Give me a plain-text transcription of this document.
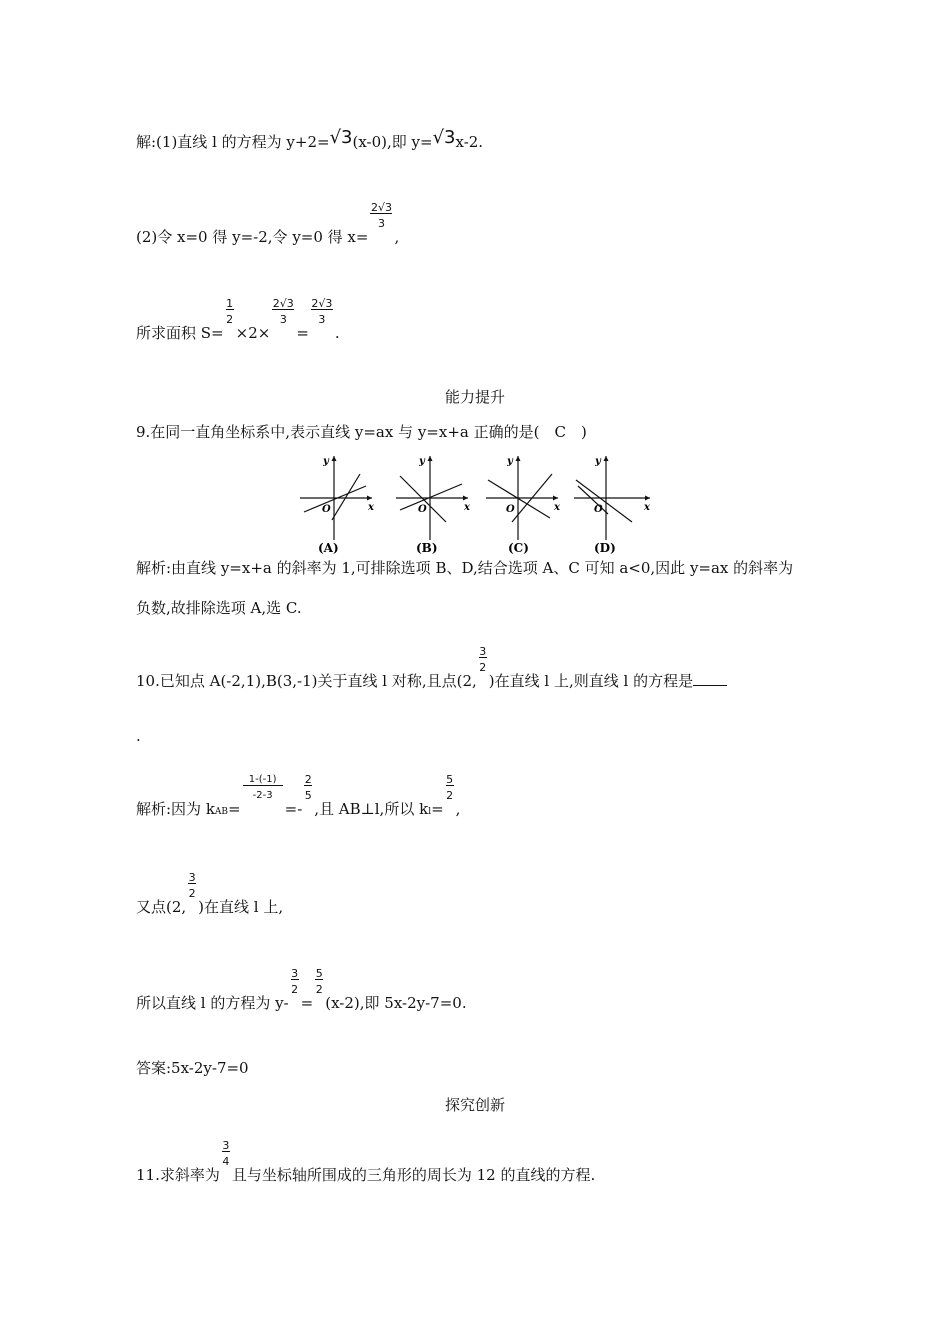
解:(1)直线 l 的方程为 y+2=√3(x-0),即 y=√3x-2.
(2)令 x=0 得 y=-2,令 y=0 得 $x= \frac{2√3}{3}$ ,
所求面积 $S= \frac{1}{2} \times 2\times \frac{2√3}{3} = \frac{2√3}{3}$ .
能力提升
9.在同一直角坐标系中,表示直线 y=ax 与 y=x+a 正确的是(　C　)
O	x
y
(A)
O	x
y
(B)
O	x
y
(C)
O	x
y
(D)
解析:由直线 y=x+a 的斜率为 1,可排除选项 B、D,结合选项 A、C 可知 a<0,因此 y=ax 的斜率为
负数,故排除选项 A,选 C.
10.已知点 A(-2,1),B(3,-1)关于直线 l 对称,且点(2, $\frac{3}{2}$ )在直线 l 上,则直线 l 的方程是
.
解析:因为 $kAB= \frac{1-(-1)}{-2-3} =- \frac{2}{5}$ ,且 AB⊥l,所以 $kl= \frac{5}{2}$ ,
又点(2, $\frac{3}{2}$ )在直线 l 上,
所以直线 l 的方程为 $y- \frac{3}{2} = \frac{5}{2} (x-2)$,即 5x-2y-7=0.
答案:5x-2y-7=0
探究创新
11.求斜率为 $\frac{3}{4}$ 且与坐标轴所围成的三角形的周长为 12 的直线的方程.
